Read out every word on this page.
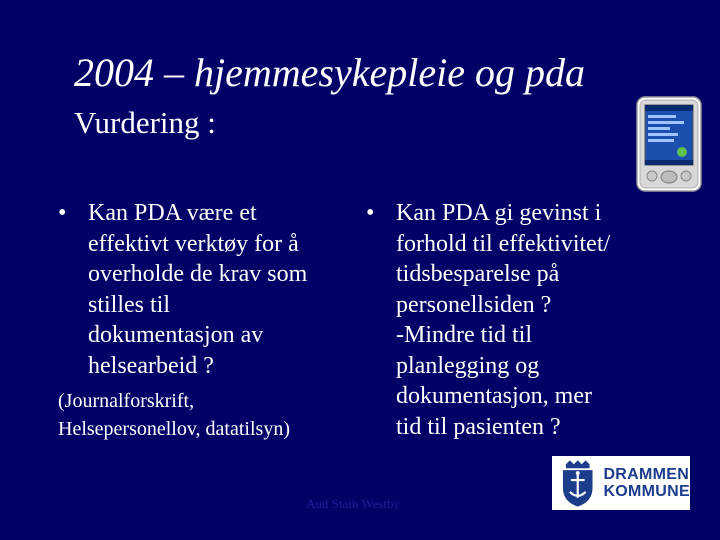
2004 – hjemmesykepleie og pda
Vurdering :
• Kan PDA være et
effektivt verktøy for å
overholde de krav som
stilles til
dokumentasjon av
helsearbeid ?
(Journalforskrift,
Helsepersonellov, datatilsyn)
• Kan PDA gi gevinst i
forhold til effektivitet/
tidsbesparelse på
personellsiden ?
-Mindre tid til
planlegging og
dokumentasjon, mer
tid til pasienten ?
Aud Staib Westby
DRAMMEN
KOMMUNE
